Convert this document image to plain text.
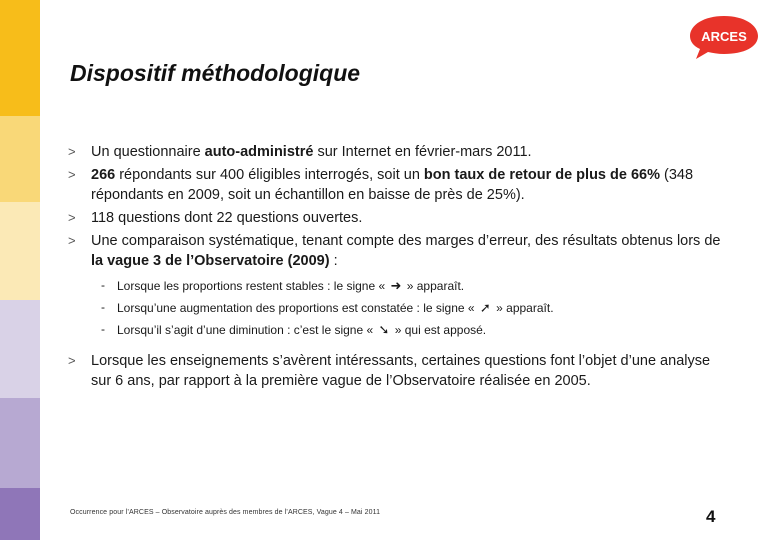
ARCES
Dispositif méthodologique

> Un questionnaire auto-administré sur Internet en février-mars 2011.

> 266 répondants sur 400 éligibles interrogés, soit un bon taux de retour de plus de 66% (348 répondants en 2009, soit un échantillon en baisse de près de 25%).

> 118 questions dont 22 questions ouvertes.

> Une comparaison systématique, tenant compte des marges d’erreur, des résultats obtenus lors de la vague 3 de l’Observatoire (2009) :

- Lorsque les proportions restent stables : le signe « ➜ » apparaît.
- Lorsqu’une augmentation des proportions est constatée : le signe « ➚ » apparaît.
- Lorsqu’il s’agit d’une diminution : c’est le signe « ➘ » qui est apposé.

> Lorsque les enseignements s’avèrent intéressants, certaines questions font l’objet d’une analyse sur 6 ans, par rapport à la première vague de l’Observatoire réalisée en 2005.

Occurrence pour l’ARCES – Observatoire auprès des membres de l’ARCES, Vague 4 – Mai 2011	4
